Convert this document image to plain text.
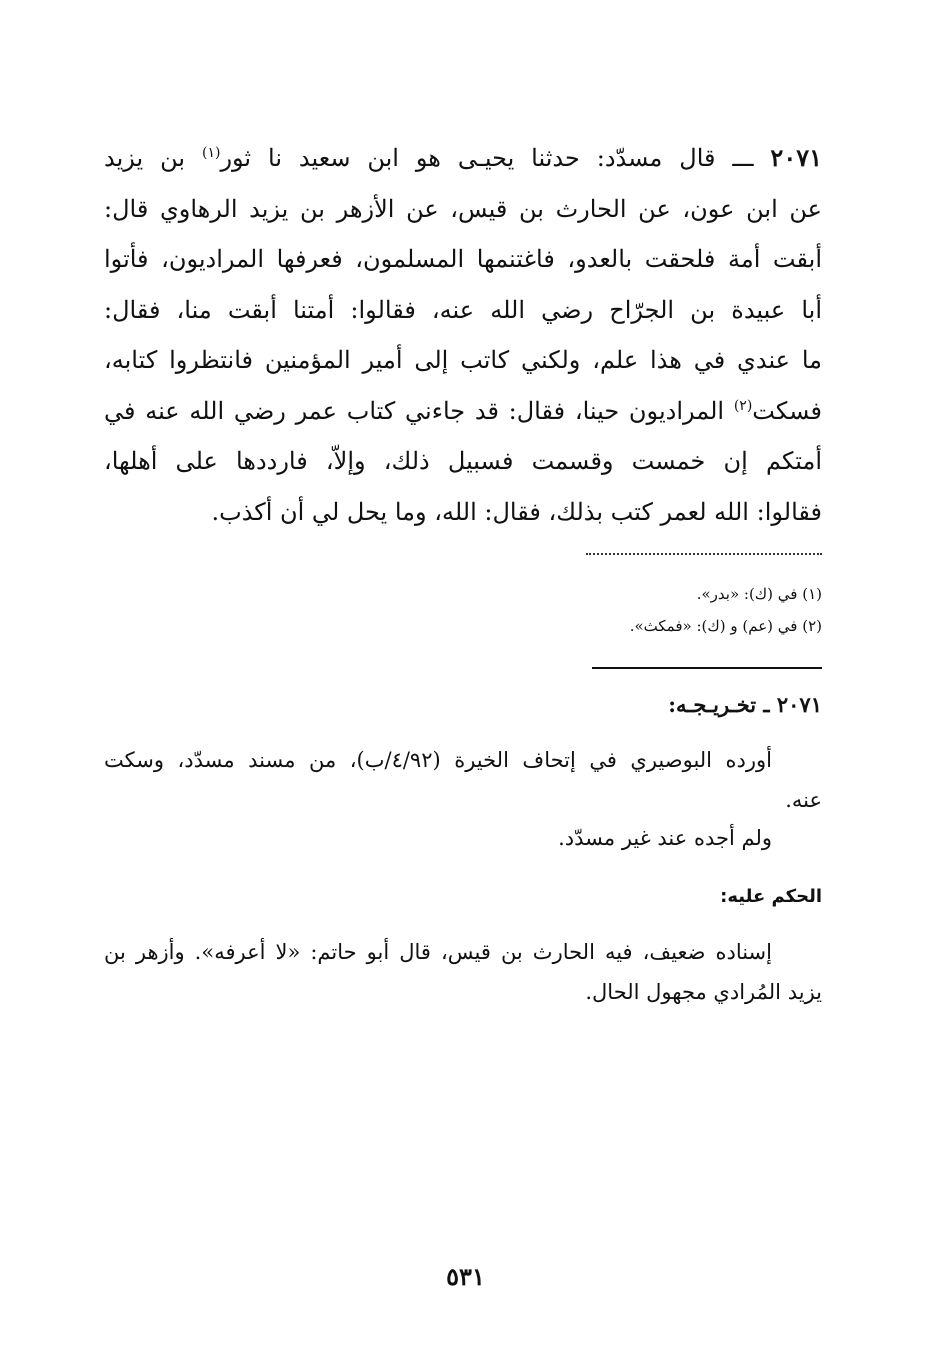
٢٠٧١ ـــ قال مسدّد: حدثنا يحيـى هو ابن سعيد نا ثور$^{(١)}$ بن يزيد
عن ابن عون، عن الحارث بن قيس، عن الأزهر بن يزيد الرهاوي قال:
أبقت أمة فلحقت بالعدو، فاغتنمها المسلمون، فعرفها المراديون، فأتوا
أبا عبيدة بن الجرّاح رضي الله عنه، فقالوا: أمتنا أبقت منا، فقال:
ما عندي في هذا علم، ولكني كاتب إلى أمير المؤمنين فانتظروا كتابه،
فسكت$^{(٢)}$ المراديون حينا، فقال: قد جاءني كتاب عمر رضي الله عنه في
أمتكم إن خمست وقسمت فسبيل ذلك، وإلاّ، فارددها على أهلها،
فقالوا: الله لعمر كتب بذلك، فقال: الله، وما يحل لي أن أكذب.
(١) في (ك): «بدر».
(٢) في (عم) و (ك): «فمكث».
٢٠٧١ ـ تخـريـجـه:
أورده البوصيري في إتحاف الخيرة (٤/٩٢/ب)، من مسند مسدّد، وسكت
عنه.
ولم أجده عند غير مسدّد.
الحكم عليه:
إسناده ضعيف، فيه الحارث بن قيس، قال أبو حاتم: «لا أعرفه». وأزهر بن
يزيد المُرادي مجهول الحال.
٥٣١
